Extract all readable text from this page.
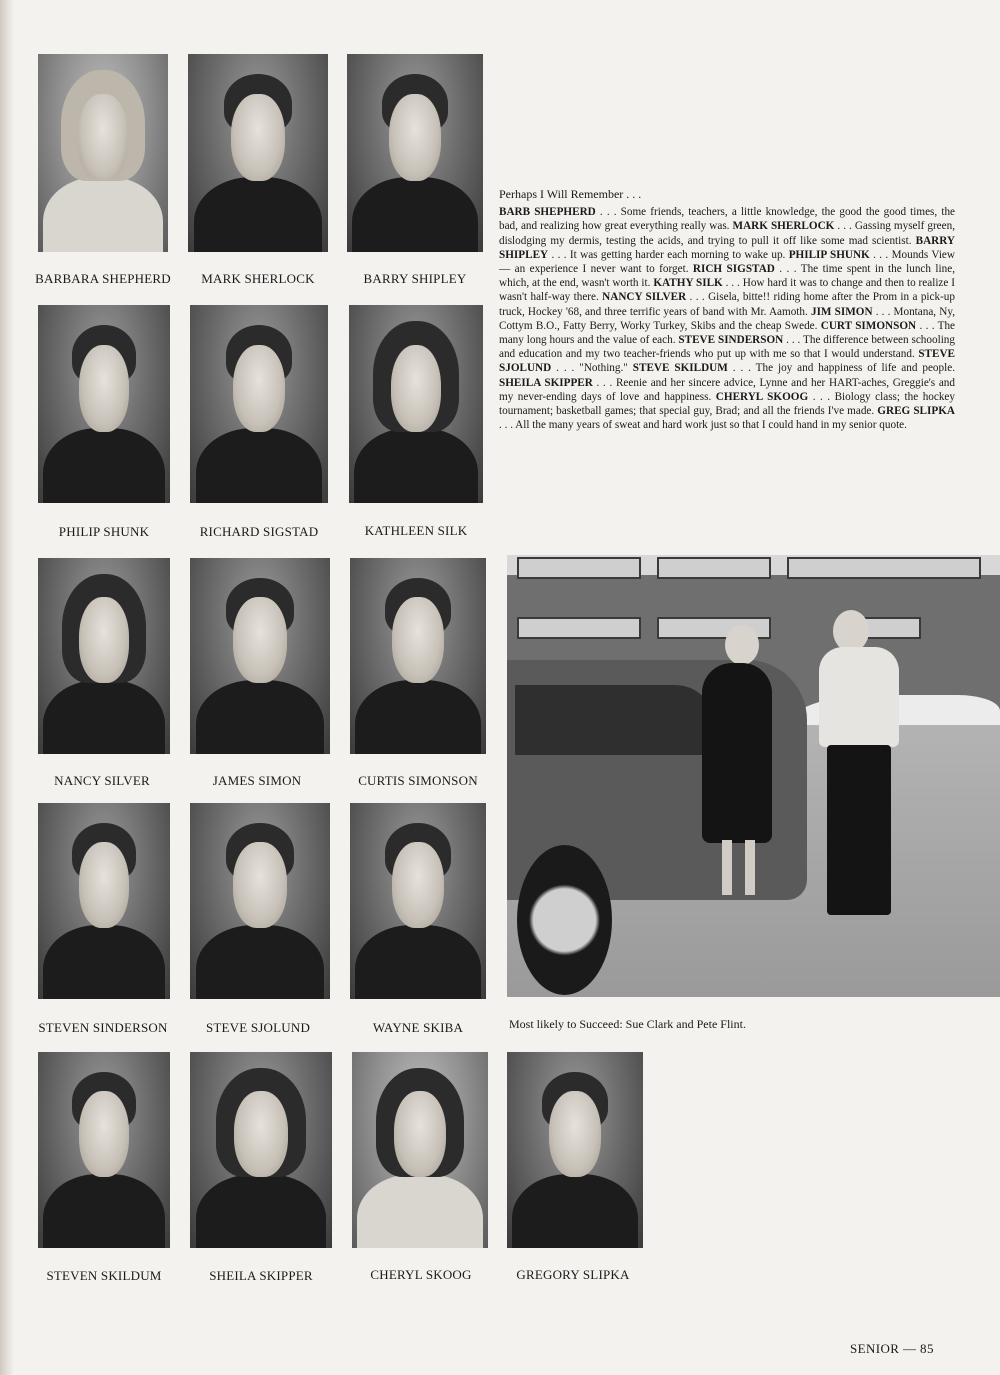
BARBARA SHEPHERD	MARK SHERLOCK	BARRY SHIPLEY
PHILIP SHUNK	RICHARD SIGSTAD	KATHLEEN SILK
NANCY SILVER	JAMES SIMON	CURTIS SIMONSON
STEVEN SINDERSON	STEVE SJOLUND	WAYNE SKIBA
STEVEN SKILDUM	SHEILA SKIPPER	CHERYL SKOOG	GREGORY SLIPKA
Perhaps I Will Remember . . .
BARB SHEPHERD . . . Some friends, teachers, a little knowledge, the good the good times, the bad, and realizing how great everything really was. MARK SHERLOCK . . . Gassing myself green, dislodging my dermis, testing the acids, and trying to pull it off like some mad scientist. BARRY SHIPLEY . . . It was getting harder each morning to wake up. PHILIP SHUNK . . . Mounds View — an experience I never want to forget. RICH SIGSTAD . . . The time spent in the lunch line, which, at the end, wasn't worth it. KATHY SILK . . . How hard it was to change and then to realize I wasn't half-way there. NANCY SILVER . . . Gisela, bitte!! riding home after the Prom in a pick-up truck, Hockey '68, and three terrific years of band with Mr. Aamoth. JIM SIMON . . . Montana, Ny, Cottym B.O., Fatty Berry, Worky Turkey, Skibs and the cheap Swede. CURT SIMONSON . . . The many long hours and the value of each. STEVE SINDERSON . . . The difference between schooling and education and my two teacher-friends who put up with me so that I would understand. STEVE SJOLUND . . . "Nothing." STEVE SKILDUM . . . The joy and happiness of life and people. SHEILA SKIPPER . . . Reenie and her sincere advice, Lynne and her HART-aches, Greggie's and my never-ending days of love and happiness. CHERYL SKOOG . . . Biology class; the hockey tournament; basketball games; that special guy, Brad; and all the friends I've made. GREG SLIPKA . . . All the many years of sweat and hard work just so that I could hand in my senior quote.
Most likely to Succeed: Sue Clark and Pete Flint.
SENIOR — 85
